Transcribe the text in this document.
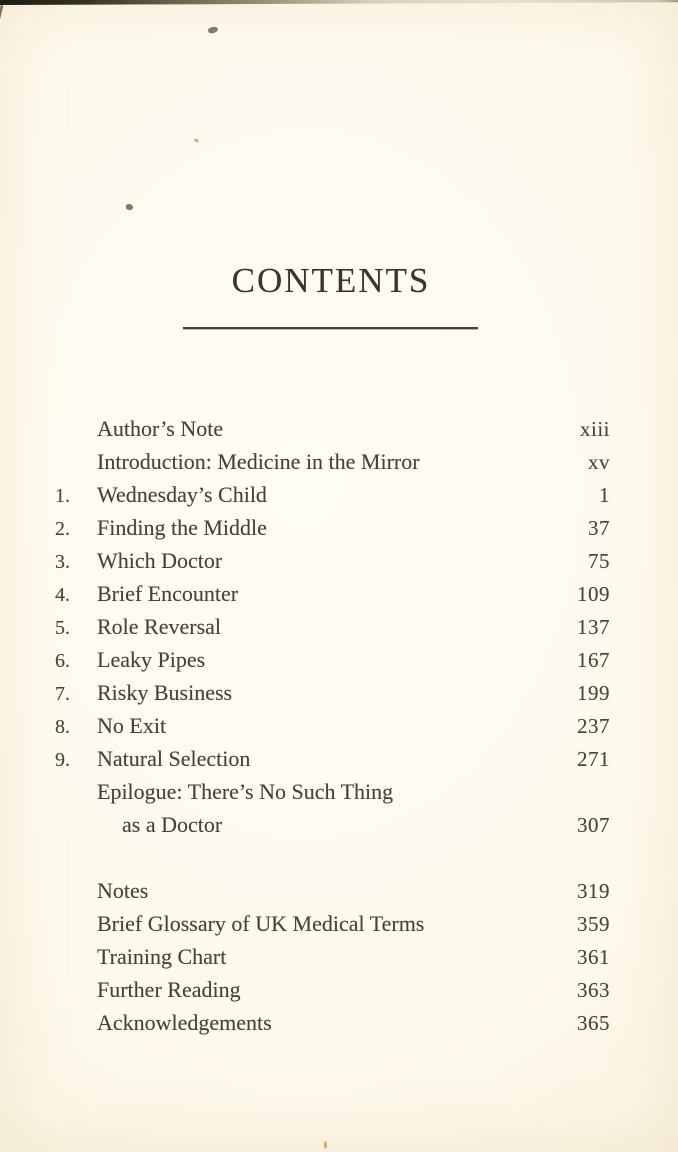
CONTENTS
Author’s Note	xiii
Introduction: Medicine in the Mirror	xv
1.	Wednesday’s Child	1
2.	Finding the Middle	37
3.	Which Doctor	75
4.	Brief Encounter	109
5.	Role Reversal	137
6.	Leaky Pipes	167
7.	Risky Business	199
8.	No Exit	237
9.	Natural Selection	271
Epilogue: There’s No Such Thing
as a Doctor	307
Notes	319
Brief Glossary of UK Medical Terms	359
Training Chart	361
Further Reading	363
Acknowledgements	365
